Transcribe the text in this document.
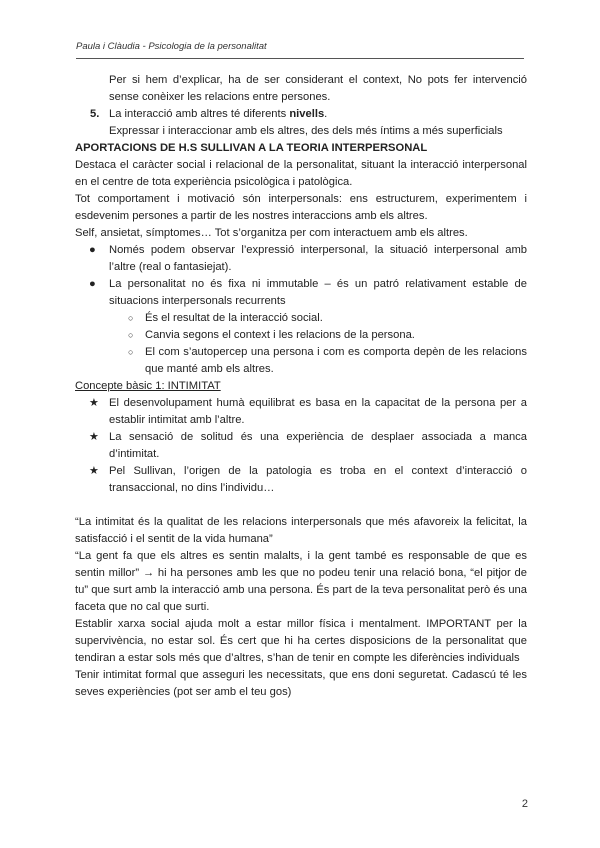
Paula i Clàudia - Psicologia de la personalitat

Per si hem d’explicar, ha de ser considerant el context, No pots fer intervenció sense conèixer les relacions entre persones.

5. La interacció amb altres té diferents nivells.
Expressar i interaccionar amb els altres, des dels més íntims a més superficials

APORTACIONS DE H.S SULLIVAN A LA TEORIA INTERPERSONAL

Destaca el caràcter social i relacional de la personalitat, situant la interacció interpersonal en el centre de tota experiència psicològica i patològica.

Tot comportament i motivació són interpersonals: ens estructurem, experimentem i esdevenim persones a partir de les nostres interaccions amb els altres.

Self, ansietat, símptomes… Tot s’organitza per com interactuem amb els altres.

● Només podem observar l’expressió interpersonal, la situació interpersonal amb l’altre (real o fantasiejat).
● La personalitat no és fixa ni immutable – és un patró relativament estable de situacions interpersonals recurrents
○ És el resultat de la interacció social.
○ Canvia segons el context i les relacions de la persona.
○ El com s’autopercep una persona i com es comporta depèn de les relacions que manté amb els altres.

Concepte bàsic 1: INTIMITAT

★ El desenvolupament humà equilibrat es basa en la capacitat de la persona per a establir intimitat amb l’altre.
★ La sensació de solitud és una experiència de desplaer associada a manca d’intimitat.
★ Pel Sullivan, l’origen de la patologia es troba en el context d’interacció o transaccional, no dins l’individu…

“La intimitat és la qualitat de les relacions interpersonals que més afavoreix la felicitat, la satisfacció i el sentit de la vida humana”

“La gent fa que els altres es sentin malalts, i la gent també es responsable de que es sentin millor” → hi ha persones amb les que no podeu tenir una relació bona, “el pitjor de tu” que surt amb la interacció amb una persona. És part de la teva personalitat però és una faceta que no cal que surti.

Establir xarxa social ajuda molt a estar millor física i mentalment. IMPORTANT per la supervivència, no estar sol. És cert que hi ha certes disposicions de la personalitat que tendiran a estar sols més que d’altres, s’han de tenir en compte les diferències individuals

Tenir intimitat formal que asseguri les necessitats, que ens doni seguretat. Cadascú té les seves experiències (pot ser amb el teu gos)

2
